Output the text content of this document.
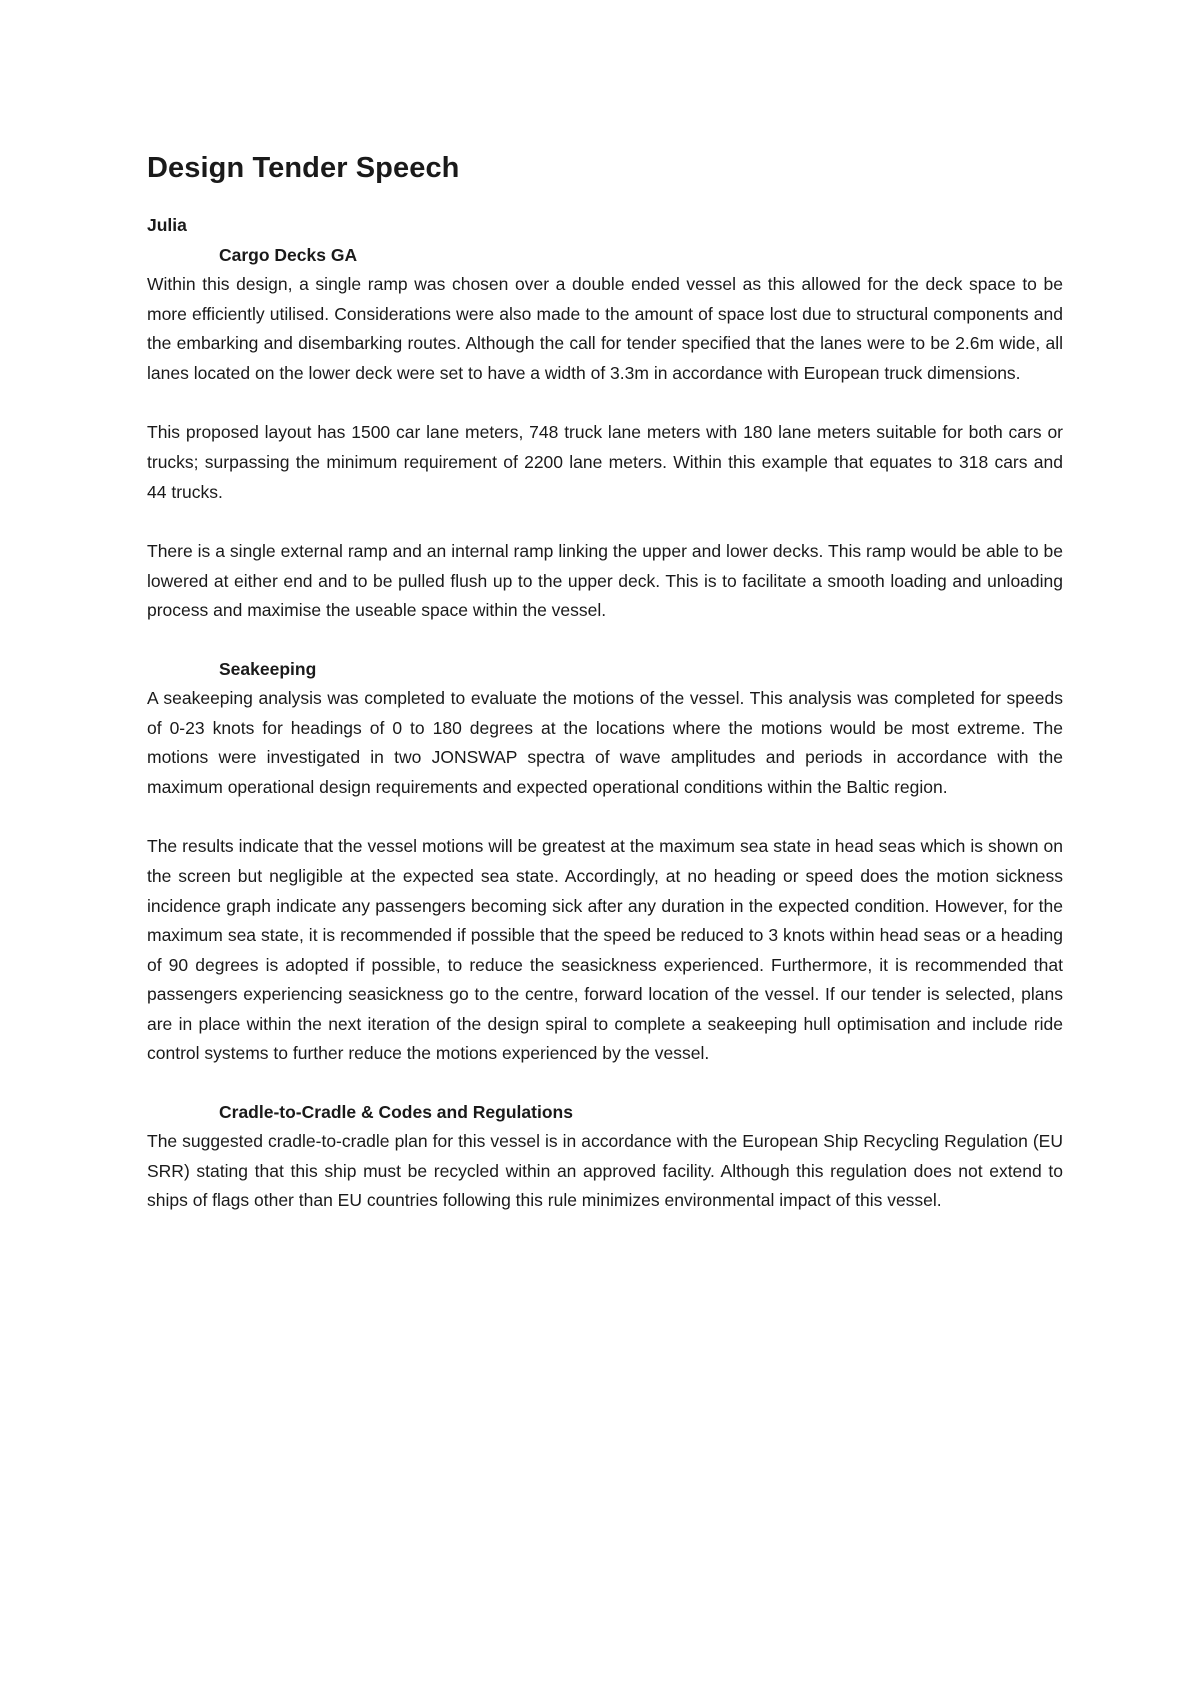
Design Tender Speech
Julia
Cargo Decks GA

Within this design, a single ramp was chosen over a double ended vessel as this allowed for the deck space to be more efficiently utilised. Considerations were also made to the amount of space lost due to structural components and the embarking and disembarking routes. Although the call for tender specified that the lanes were to be 2.6m wide, all lanes located on the lower deck were set to have a width of 3.3m in accordance with European truck dimensions.

This proposed layout has 1500 car lane meters, 748 truck lane meters with 180 lane meters suitable for both cars or trucks; surpassing the minimum requirement of 2200 lane meters. Within this example that equates to 318 cars and 44 trucks.

There is a single external ramp and an internal ramp linking the upper and lower decks. This ramp would be able to be lowered at either end and to be pulled flush up to the upper deck. This is to facilitate a smooth loading and unloading process and maximise the useable space within the vessel.

Seakeeping

A seakeeping analysis was completed to evaluate the motions of the vessel. This analysis was completed for speeds of 0-23 knots for headings of 0 to 180 degrees at the locations where the motions would be most extreme. The motions were investigated in two JONSWAP spectra of wave amplitudes and periods in accordance with the maximum operational design requirements and expected operational conditions within the Baltic region.

The results indicate that the vessel motions will be greatest at the maximum sea state in head seas which is shown on the screen but negligible at the expected sea state. Accordingly, at no heading or speed does the motion sickness incidence graph indicate any passengers becoming sick after any duration in the expected condition. However, for the maximum sea state, it is recommended if possible that the speed be reduced to 3 knots within head seas or a heading of 90 degrees is adopted if possible, to reduce the seasickness experienced. Furthermore, it is recommended that passengers experiencing seasickness go to the centre, forward location of the vessel. If our tender is selected, plans are in place within the next iteration of the design spiral to complete a seakeeping hull optimisation and include ride control systems to further reduce the motions experienced by the vessel.

Cradle-to-Cradle & Codes and Regulations

The suggested cradle-to-cradle plan for this vessel is in accordance with the European Ship Recycling Regulation (EU SRR) stating that this ship must be recycled within an approved facility. Although this regulation does not extend to ships of flags other than EU countries following this rule minimizes environmental impact of this vessel.
